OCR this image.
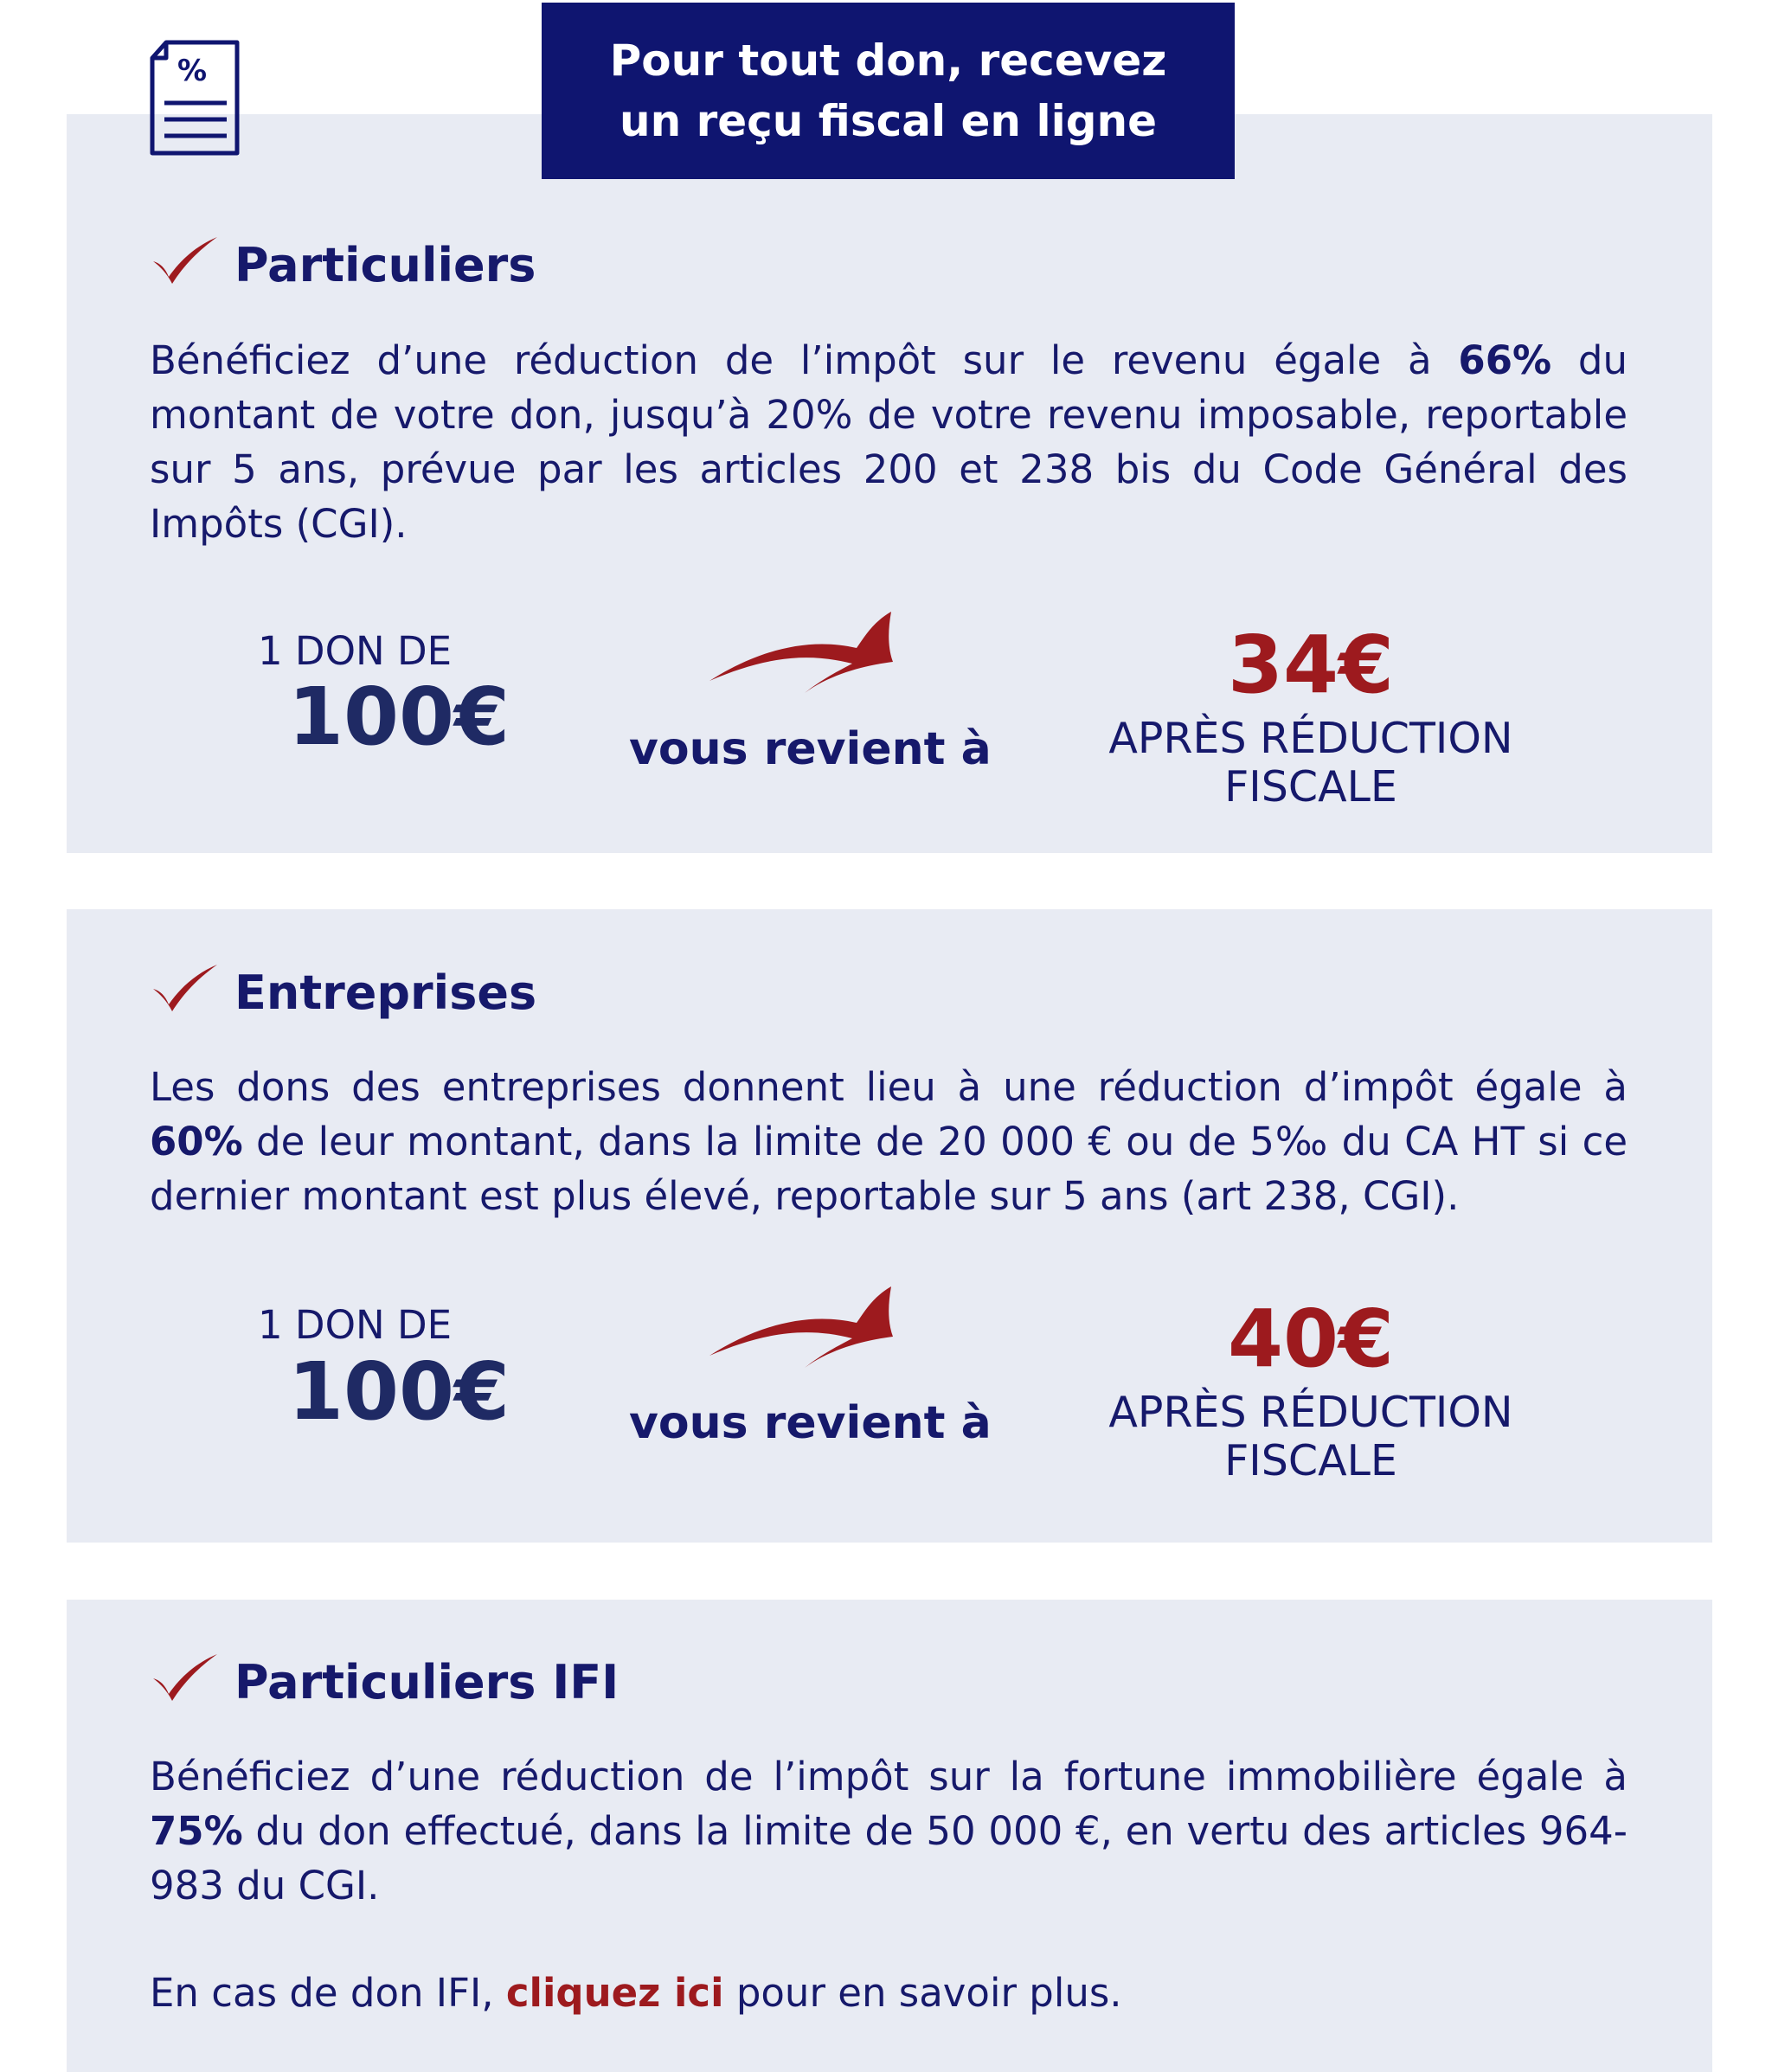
%	Pour tout don, recevez
un reçu fiscal en ligne
Particuliers
Bénéficiez d’une réduction de l’impôt sur le revenu égale à 66% du montant de votre don, jusqu’à 20% de votre revenu imposable, reportable sur 5 ans, prévue par les articles 200 et 238 bis du Code Général des Impôts (CGI).
1 DON DE
100€	vous revient à
34€
APRÈS RÉDUCTION
FISCALE
Entreprises
Les dons des entreprises donnent lieu à une réduction d’impôt égale à 60% de leur montant, dans la limite de 20 000 € ou de 5‰ du CA HT si ce dernier montant est plus élevé, reportable sur 5 ans (art 238, CGI).
1 DON DE
100€	vous revient à
40€
APRÈS RÉDUCTION
FISCALE
Particuliers IFI
Bénéficiez d’une réduction de l’impôt sur la fortune immobilière égale à 75% du don effectué, dans la limite de 50 000 €, en vertu des articles 964-983 du CGI.
En cas de don IFI, cliquez ici pour en savoir plus.
